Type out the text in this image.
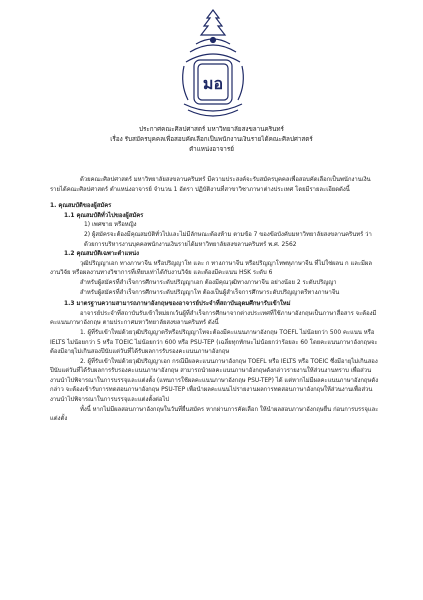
มอ
ประกาศคณะศิลปศาสตร์ มหาวิทยาลัยสงขลานครินทร์
เรื่อง รับสมัครบุคคลเพื่อสอบคัดเลือกเป็นพนักงานเงินรายได้คณะศิลปศาสตร์
ตำแหน่งอาจารย์

ด้วยคณะศิลปศาสตร์ มหาวิทยาลัยสงขลานครินทร์ มีความประสงค์จะรับสมัครบุคคลเพื่อสอบคัดเลือกเป็นพนักงานเงินรายได้คณะศิลปศาสตร์ ตำแหน่งอาจารย์ จำนวน 1 อัตรา ปฏิบัติงานที่สาขาวิชาภาษาต่างประเทศ โดยมีรายละเอียดดังนี้

1. คุณสมบัติของผู้สมัคร

1.1 คุณสมบัติทั่วไปของผู้สมัคร

1) เพศชาย หรือหญิง

2) ผู้สมัครจะต้องมีคุณสมบัติทั่วไปและไม่มีลักษณะต้องห้าม ตามข้อ 7 ของข้อบังคับมหาวิทยาลัยสงขลานครินทร์ ว่าด้วยการบริหารงานบุคคลพนักงานเงินรายได้มหาวิทยาลัยสงขลานครินทร์ พ.ศ. 2562

1.2 คุณสมบัติเฉพาะตำแหน่ง

วุฒิปริญญาเอก ทางภาษาจีน หรือปริญญาโท และ ก ทางภาษาจีน หรือปริญญาโทพหุภาษาจีน ที่ไม่ใช่ผลน ก และมีผลงานวิจัย หรือผลงานทางวิชาการที่เทียบเท่าได้กับงานวิจัย และต้องมีคะแนน HSK ระดับ 6

สำหรับผู้สมัครที่สำเร็จการศึกษาระดับปริญญาเอก ต้องมีคุณวุฒิทางภาษาจีน อย่างน้อย 2 ระดับปริญญา

สำหรับผู้สมัครที่สำเร็จการศึกษาระดับปริญญาโท ต้องเป็นผู้สำเร็จการศึกษาระดับปริญญาตรีทางภาษาจีน

1.3 มาตรฐานความสามารถภาษาอังกฤษของอาจารย์ประจำที่สถาบันอุดมศึกษารับเข้าใหม่

อาจารย์ประจำที่สถาบันรับเข้าใหม่ยกเว้นผู้ที่สำเร็จการศึกษาจากต่างประเทศที่ใช้ภาษาอังกฤษเป็นภาษาสื่อสาร จะต้องมีคะแนนภาษาอังกฤษ ตามประกาศมหาวิทยาลัยสงขลานครินทร์ ดังนี้

1. ผู้ที่รับเข้าใหม่ด้วยวุฒิปริญญาตรีหรือปริญญาโทจะต้องมีคะแนนภาษาอังกฤษ TOEFL ไม่น้อยกว่า 500 คะแนน หรือ IELTS ไม่น้อยกว่า 5 หรือ TOEIC ไม่น้อยกว่า 600 หรือ PSU-TEP (เฉลี่ยทุกทักษะไม่น้อยกว่าร้อยละ 60 โดยคะแนนภาษาอังกฤษจะต้องมีอายุไม่เกินสองปีนับแต่วันที่ได้รับผลการรับรองคะแนนภาษาอังกฤษ

2. ผู้ที่รับเข้าใหม่ด้วยวุฒิปริญญาเอก กรณีมีผลคะแนนภาษาอังกฤษ TOEFL หรือ IELTS หรือ TOEIC ซึ่งมีอายุไม่เกินสองปีนับแต่วันที่ได้รับผลการรับรองคะแนนภาษาอังกฤษ สามารถนำผลคะแนนภาษาอังกฤษดังกล่าวรายงานให้ส่วนงานทราบ เพื่อส่วนงานนำไปพิจารณาในการบรรจุและแต่งตั้ง (แทนการใช้ผลคะแนนภาษาอังกฤษ PSU-TEP) ได้ แต่หากไม่มีผลคะแนนภาษาอังกฤษดังกล่าว จะต้องเข้ารับการทดสอบภาษาอังกฤษ PSU-TEP เพื่อนำผลคะแนนไปรายงานผลการทดสอบภาษาอังกฤษให้ส่วนงานเพื่อส่วนงานนำไปพิจารณาในการบรรจุและแต่งตั้งต่อไป

ทั้งนี้ หากไม่มีผลสอบภาษาอังกฤษในวันที่ยื่นสมัคร หากผ่านการคัดเลือก ให้นำผลสอบภาษาอังกฤษยื่น ก่อนการบรรจุและแต่งตั้ง
